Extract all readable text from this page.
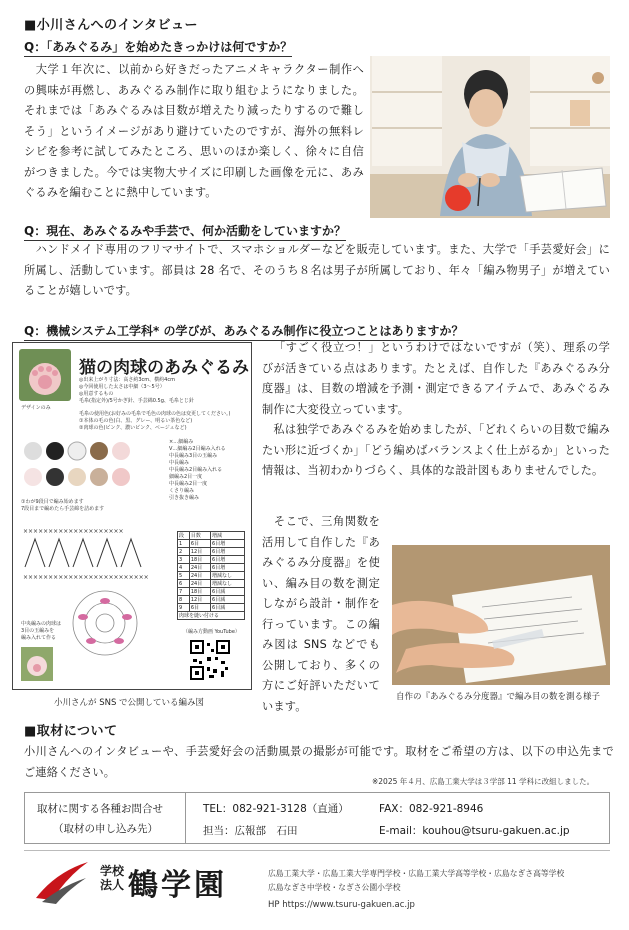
■小川さんへのインタビュー
Q：「あみぐるみ」を始めたきっかけは何ですか？
　大学１年次に、以前から好きだったアニメキャラクター制作への興味が再燃し、あみぐるみ制作に取り組むようになりました。それまでは「あみぐるみは目数が増えたり減ったりするので難しそう」というイメージがあり避けていたのですが、海外の無料レシピを参考に試してみたところ、思いのほか楽しく、徐々に自信がつきました。今では実物大サイズに印刷した画像を元に、あみぐるみを編むことに熱中しています。
Q：現在、あみぐるみや手芸で、何か活動をしていますか？
　ハンドメイド専用のフリマサイトで、スマホショルダーなどを販売しています。また、大学で「手芸愛好会」に所属し、活動しています。部員は 28 名で、そのうち８名は男子が所属しており、年々「編み物男子」が増えていることが嬉しいです。
Q：機械システム工学科* の学びが、あみぐるみ制作に役立つことはありますか？
デザインのみ
猫の肉球のあみぐるみ
◎出来上がり寸法：高さ約3cm、横約4cm
◎今回使用した太さは中細（3～5号）
◎用意するもの
毛糸(指定外)/5号かぎ針、手芸綿0.5g、毛糸とじ針
毛糸の使用色(お好みの毛糸で毛色の肉球の色は変更してください。)
①本体の毛の色(白、黒、グレー、明るい茶色など)
②肉球の色(ピンク、濃いピンク、ベージュなど)
×…細編み
V…細編み2目編み入れる
中長編み3目の玉編み
中長編み
中長編み2目編み入れる
細編み2目一度
中長編み2目一度
くさり編み
引き抜き編み
①わが9段目で編み始めます
7段目まで編めたら手芸綿を詰めます
×××××××××××××××××××××××××
××××××××××××××××××××
段	目数	増減
1	6目	6目増
2	12目	6目増
3	18目	6目増
4	24目	6目増
5	24目	増減なし
6	24目	増減なし
7	18目	6目減
8	12目	6目減
9	6目	6目減
肉球を縫い付ける		
中央編みの肉球は
3目の玉編みを
編み入れて作る
（編み方動画 YouTube）
小川さんが SNS で公開している編み図
「すごく役立つ！」というわけではないですが（笑）、理系の学びが活きている点はあります。たとえば、自作した『あみぐるみ分度器』は、目数の増減を予測・測定できるアイテムで、あみぐるみ制作に大変役立っています。
　私は独学であみぐるみを始めましたが、「どれくらいの目数で編みたい形に近づくか」「どう編めばバランスよく仕上がるか」といった情報は、当初わかりづらく、具体的な設計図もありませんでした。
　そこで、三角関数を活用して自作した『あみぐるみ分度器』を使い、編み目の数を測定しながら設計・制作を行っています。この編み図は SNS などでも公開しており、多くの方にご好評いただいています。
自作の『あみぐるみ分度器』で編み目の数を測る様子
■取材について
小川さんへのインタビューや、手芸愛好会の活動風景の撮影が可能です。取材をご希望の方は、以下の申込先までご連絡ください。
※2025 年４月、広島工業大学は３学部 11 学科に改組しました。
取材に関する各種お問合せ
（取材の申し込み先）
TEL：082-921-3128（直通）	FAX：082-921-8946
担当：広報部　石田	E-mail：kouhou@tsuru-gakuen.ac.jp
学校
法人 鶴学園	広島工業大学・広島工業大学専門学校・広島工業大学高等学校・広島なぎさ高等学校
広島なぎさ中学校・なぎさ公園小学校
HP https://www.tsuru-gakuen.ac.jp
